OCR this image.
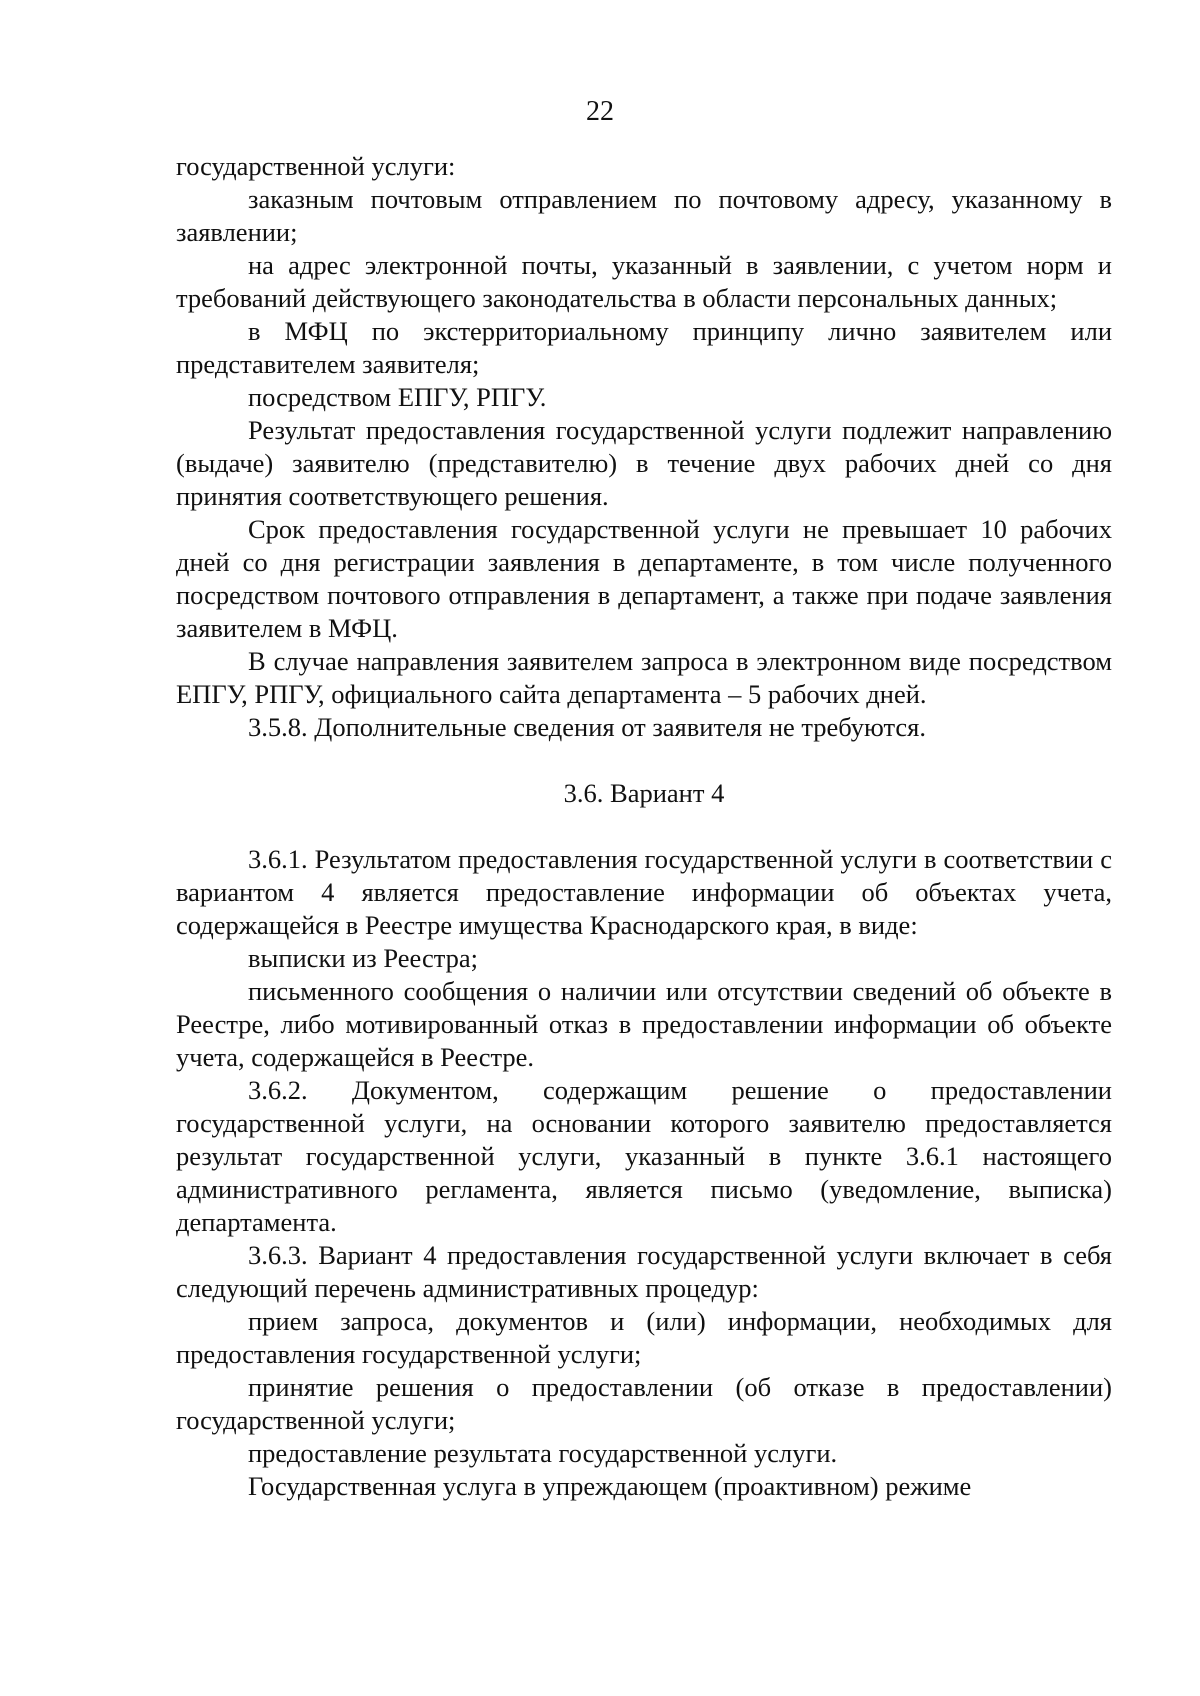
22

государственной услуги:

заказным почтовым отправлением по почтовому адресу, указанному в заявлении;

на адрес электронной почты, указанный в заявлении, с учетом норм и требований действующего законодательства в области персональных данных;

в МФЦ по экстерриториальному принципу лично заявителем или представителем заявителя;

посредством ЕПГУ, РПГУ.

Результат предоставления государственной услуги подлежит направлению (выдаче) заявителю (представителю) в течение двух рабочих дней со дня принятия соответствующего решения.

Срок предоставления государственной услуги не превышает 10 рабочих дней со дня регистрации заявления в департаменте, в том числе полученного посредством почтового отправления в департамент, а также при подаче заявления заявителем в МФЦ.

В случае направления заявителем запроса в электронном виде посредством ЕПГУ, РПГУ, официального сайта департамента – 5 рабочих дней.

3.5.8. Дополнительные сведения от заявителя не требуются.

3.6. Вариант 4

3.6.1. Результатом предоставления государственной услуги в соответствии с вариантом 4 является предоставление информации об объектах учета, содержащейся в Реестре имущества Краснодарского края, в виде:

выписки из Реестра;

письменного сообщения о наличии или отсутствии сведений об объекте в Реестре, либо мотивированный отказ в предоставлении информации об объекте учета, содержащейся в Реестре.

3.6.2. Документом, содержащим решение о предоставлении государственной услуги, на основании которого заявителю предоставляется результат государственной услуги, указанный в пункте 3.6.1 настоящего административного регламента, является письмо (уведомление, выписка) департамента.

3.6.3. Вариант 4 предоставления государственной услуги включает в себя следующий перечень административных процедур:

прием запроса, документов и (или) информации, необходимых для предоставления государственной услуги;

принятие решения о предоставлении (об отказе в предоставлении) государственной услуги;

предоставление результата государственной услуги.

Государственная услуга в упреждающем (проактивном) режиме
